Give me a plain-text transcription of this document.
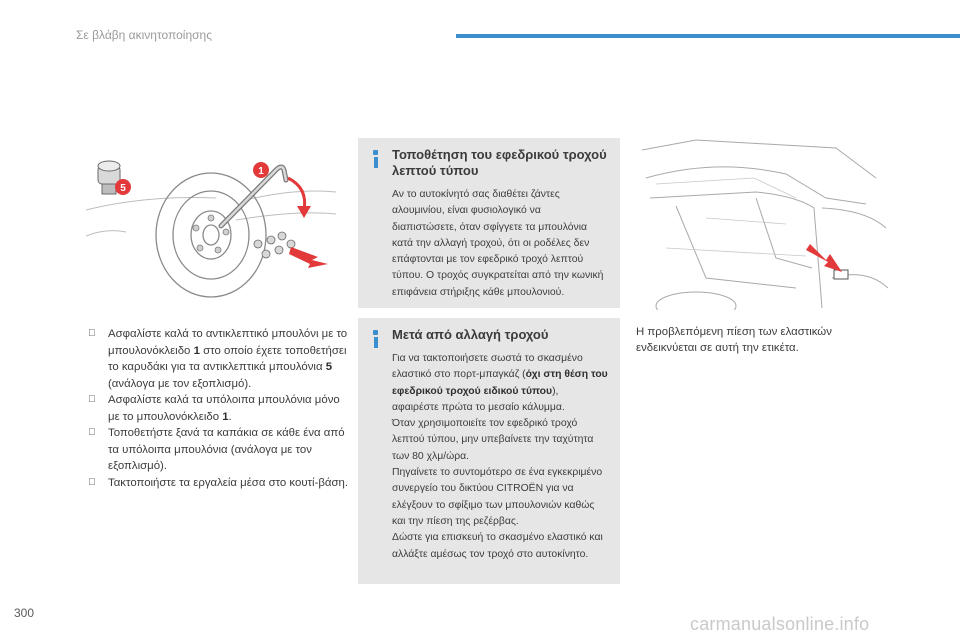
Σε βλάβη ακινητοποίησης
1
5
Ασφαλίστε καλά το αντικλεπτικό μπουλόνι με το μπουλονόκλειδο 1 στο οποίο έχετε τοποθετήσει το καρυδάκι για τα αντικλεπτικά μπουλόνια 5 (ανάλογα με τον εξοπλισμό).
Ασφαλίστε καλά τα υπόλοιπα μπουλόνια μόνο με το μπουλονόκλειδο 1.
Τοποθετήστε ξανά τα καπάκια σε κάθε ένα από τα υπόλοιπα μπουλόνια (ανάλογα με τον εξοπλισμό).
Τακτοποιήστε τα εργαλεία μέσα στο κουτί-βάση.
Τοποθέτηση του εφεδρικού τροχού λεπτού τύπου
Αν το αυτοκίνητό σας διαθέτει ζάντες αλουμινίου, είναι φυσιολογικό να διαπιστώσετε, όταν σφίγγετε τα μπουλόνια κατά την αλλαγή τροχού, ότι οι ροδέλες δεν επάφτονται με τον εφεδρικό τροχό λεπτού τύπου. Ο τροχός συγκρατείται από την κωνική επιφάνεια στήριξης κάθε μπουλονιού.
Μετά από αλλαγή τροχού
Για να τακτοποιήσετε σωστά το σκασμένο ελαστικό στο πορτ-μπαγκάζ (όχι στη θέση του εφεδρικού τροχού ειδικού τύπου), αφαιρέστε πρώτα το μεσαίο κάλυμμα.
Όταν χρησιμοποιείτε τον εφεδρικό τροχό λεπτού τύπου, μην υπεβαίνετε την ταχύτητα των 80 χλμ/ώρα.
Πηγαίνετε το συντομότερο σε ένα εγκεκριμένο συνεργείο του δικτύου CITROËN για να ελέγξουν το σφίξιμο των μπουλονιών καθώς και την πίεση της ρεζέρβας.
Δώστε για επισκευή το σκασμένο ελαστικό και αλλάξτε αμέσως τον τροχό στο αυτοκίνητο.
Η προβλεπόμενη πίεση των ελαστικών ενδεικνύεται σε αυτή την ετικέτα.
300
carmanualsonline.info
